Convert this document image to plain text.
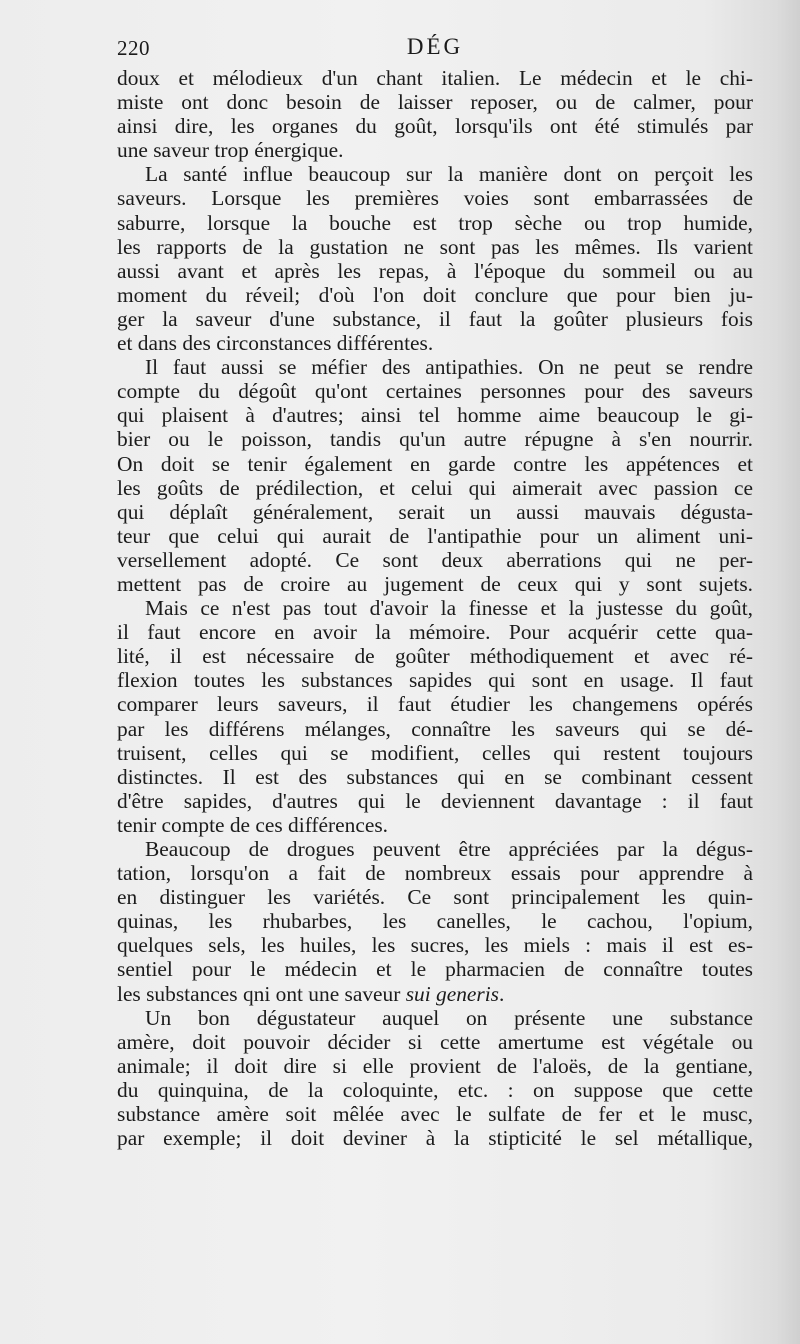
220	DÉG
doux et mélodieux d'un chant italien. Le médecin et le chi-
miste ont donc besoin de laisser reposer, ou de calmer, pour
ainsi dire, les organes du goût, lorsqu'ils ont été stimulés par
une saveur trop énergique.
La santé influe beaucoup sur la manière dont on perçoit les
saveurs. Lorsque les premières voies sont embarrassées de
saburre, lorsque la bouche est trop sèche ou trop humide,
les rapports de la gustation ne sont pas les mêmes. Ils varient
aussi avant et après les repas, à l'époque du sommeil ou au
moment du réveil; d'où l'on doit conclure que pour bien ju-
ger la saveur d'une substance, il faut la goûter plusieurs fois
et dans des circonstances différentes.
Il faut aussi se méfier des antipathies. On ne peut se rendre
compte du dégoût qu'ont certaines personnes pour des saveurs
qui plaisent à d'autres; ainsi tel homme aime beaucoup le gi-
bier ou le poisson, tandis qu'un autre répugne à s'en nourrir.
On doit se tenir également en garde contre les appétences et
les goûts de prédilection, et celui qui aimerait avec passion ce
qui déplaît généralement, serait un aussi mauvais dégusta-
teur que celui qui aurait de l'antipathie pour un aliment uni-
versellement adopté. Ce sont deux aberrations qui ne per-
mettent pas de croire au jugement de ceux qui y sont sujets.
Mais ce n'est pas tout d'avoir la finesse et la justesse du goût,
il faut encore en avoir la mémoire. Pour acquérir cette qua-
lité, il est nécessaire de goûter méthodiquement et avec ré-
flexion toutes les substances sapides qui sont en usage. Il faut
comparer leurs saveurs, il faut étudier les changemens opérés
par les différens mélanges, connaître les saveurs qui se dé-
truisent, celles qui se modifient, celles qui restent toujours
distinctes. Il est des substances qui en se combinant cessent
d'être sapides, d'autres qui le deviennent davantage : il faut
tenir compte de ces différences.
Beaucoup de drogues peuvent être appréciées par la dégus-
tation, lorsqu'on a fait de nombreux essais pour apprendre à
en distinguer les variétés. Ce sont principalement les quin-
quinas, les rhubarbes, les canelles, le cachou, l'opium,
quelques sels, les huiles, les sucres, les miels : mais il est es-
sentiel pour le médecin et le pharmacien de connaître toutes
les substances qni ont une saveur sui generis.
Un bon dégustateur auquel on présente une substance
amère, doit pouvoir décider si cette amertume est végétale ou
animale; il doit dire si elle provient de l'aloës, de la gentiane,
du quinquina, de la coloquinte, etc. : on suppose que cette
substance amère soit mêlée avec le sulfate de fer et le musc,
par exemple; il doit deviner à la stipticité le sel métallique,
